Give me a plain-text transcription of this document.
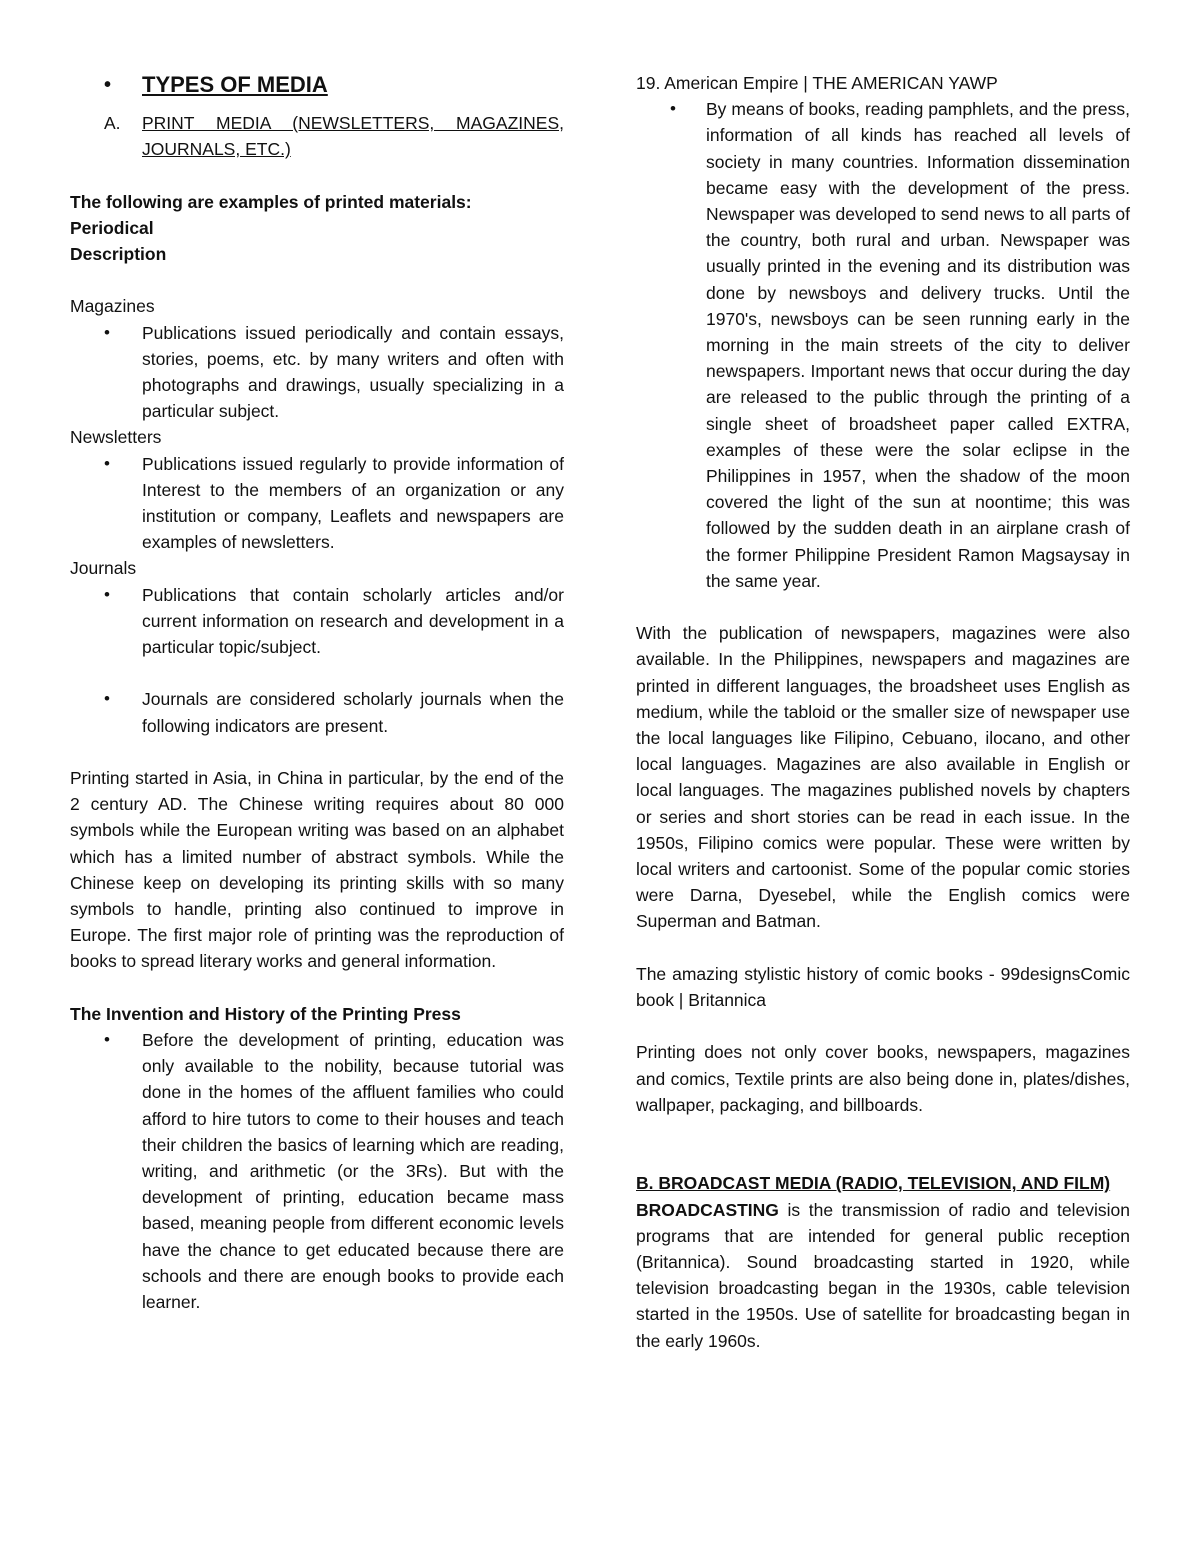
• TYPES OF MEDIA

A. PRINT MEDIA (NEWSLETTERS, MAGAZINES, JOURNALS, ETC.)

The following are examples of printed materials:

Periodical

Description

Magazines

• Publications issued periodically and contain essays, stories, poems, etc. by many writers and often with photographs and drawings, usually specializing in a particular subject.

Newsletters

• Publications issued regularly to provide information of Interest to the members of an organization or any institution or company, Leaflets and newspapers are examples of newsletters.

Journals

• Publications that contain scholarly articles and/or current information on research and development in a particular topic/subject.
• Journals are considered scholarly journals when the following indicators are present.

Printing started in Asia, in China in particular, by the end of the 2 century AD. The Chinese writing requires about 80 000 symbols while the European writing was based on an alphabet which has a limited number of abstract symbols. While the Chinese keep on developing its printing skills with so many symbols to handle, printing also continued to improve in Europe. The first major role of printing was the reproduction of books to spread literary works and general information.

The Invention and History of the Printing Press

• Before the development of printing, education was only available to the nobility, because tutorial was done in the homes of the affluent families who could afford to hire tutors to come to their houses and teach their children the basics of learning which are reading, writing, and arithmetic (or the 3Rs). But with the development of printing, education became mass based, meaning people from different economic levels have the chance to get educated because there are schools and there are enough books to provide each learner.

19. American Empire | THE AMERICAN YAWP

• By means of books, reading pamphlets, and the press, information of all kinds has reached all levels of society in many countries. Information dissemination became easy with the development of the press. Newspaper was developed to send news to all parts of the country, both rural and urban. Newspaper was usually printed in the evening and its distribution was done by newsboys and delivery trucks. Until the 1970's, newsboys can be seen running early in the morning in the main streets of the city to deliver newspapers. Important news that occur during the day are released to the public through the printing of a single sheet of broadsheet paper called EXTRA, examples of these were the solar eclipse in the Philippines in 1957, when the shadow of the moon covered the light of the sun at noontime; this was followed by the sudden death in an airplane crash of the former Philippine President Ramon Magsaysay in the same year.

With the publication of newspapers, magazines were also available. In the Philippines, newspapers and magazines are printed in different languages, the broadsheet uses English as medium, while the tabloid or the smaller size of newspaper use the local languages like Filipino, Cebuano, ilocano, and other local languages. Magazines are also available in English or local languages. The magazines published novels by chapters or series and short stories can be read in each issue. In the 1950s, Filipino comics were popular. These were written by local writers and cartoonist. Some of the popular comic stories were Darna, Dyesebel, while the English comics were Superman and Batman.

The amazing stylistic history of comic books - 99designsComic book | Britannica

Printing does not only cover books, newspapers, magazines and comics, Textile prints are also being done in, plates/dishes, wallpaper, packaging, and billboards.

B. BROADCAST MEDIA (RADIO, TELEVISION, AND FILM)

BROADCASTING is the transmission of radio and television programs that are intended for general public reception (Britannica). Sound broadcasting started in 1920, while television broadcasting began in the 1930s, cable television started in the 1950s. Use of satellite for broadcasting began in the early 1960s.
